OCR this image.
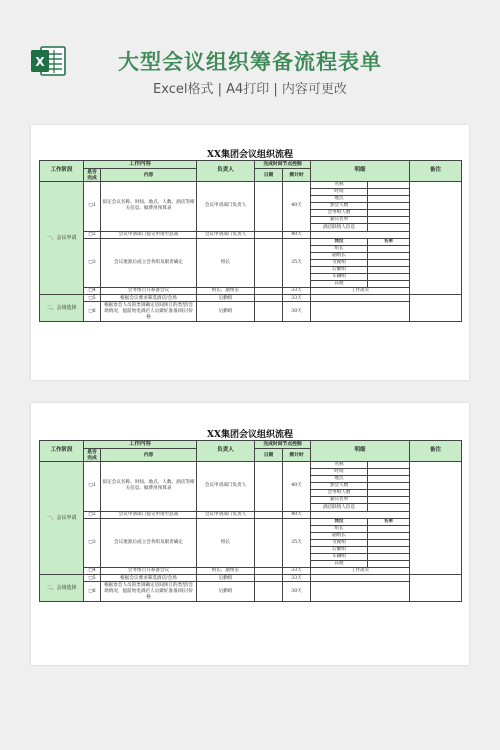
X	大型会议组织筹备流程表单
Excel格式 | A4打印 | 内容可更改
XX集团会议组织流程
工作阶段	工作内容		负责人	完成时间节点控制		明细		备注
	是否完成	内容		日期	倒计时			
一、会议申请	□1	拟定会议名称、时间、地点、人数、酒店等相关信息，做费用预算表	会议申请部门负责人		40天	名称		
						时间		
						地点		
						参会人数		
						会务组人数		
						嘉宾名单		
						酒店联络人信息		
	□2	会议申请部门提交申请至总裁	会议申请部门负责人		40天			
	□3	会议批准后成立会务组及职责确定	组长		35天	岗位	名单	
						组长		
						副组长		
						文秘组		
						后勤组		
						车辆组		
						其他		
	□4	会务组召开筹备会议	组长、副组长		33天	工作落实		
二、会场选择	□5	根据会议要求筛选酒店/会场	后勤组		33天			
	□6	根据参会人员的类别确定房间预订的类型/会场情况，提前致电酒店人员做好准备/商讨价格	后勤组		30天			
XX集团会议组织流程
工作阶段	工作内容		负责人	完成时间节点控制		明细		备注
	是否完成	内容		日期	倒计时			
一、会议申请	□1	拟定会议名称、时间、地点、人数、酒店等相关信息，做费用预算表	会议申请部门负责人		40天	名称		
						时间		
						地点		
						参会人数		
						会务组人数		
						嘉宾名单		
						酒店联络人信息		
	□2	会议申请部门提交申请至总裁	会议申请部门负责人		40天			
	□3	会议批准后成立会务组及职责确定	组长		35天	岗位	名单	
						组长		
						副组长		
						文秘组		
						后勤组		
						车辆组		
						其他		
	□4	会务组召开筹备会议	组长、副组长		33天	工作落实		
二、会场选择	□5	根据会议要求筛选酒店/会场	后勤组		33天			
	□6	根据参会人员的类别确定房间预订的类型/会场情况，提前致电酒店人员做好准备/商讨价格	后勤组		30天			
